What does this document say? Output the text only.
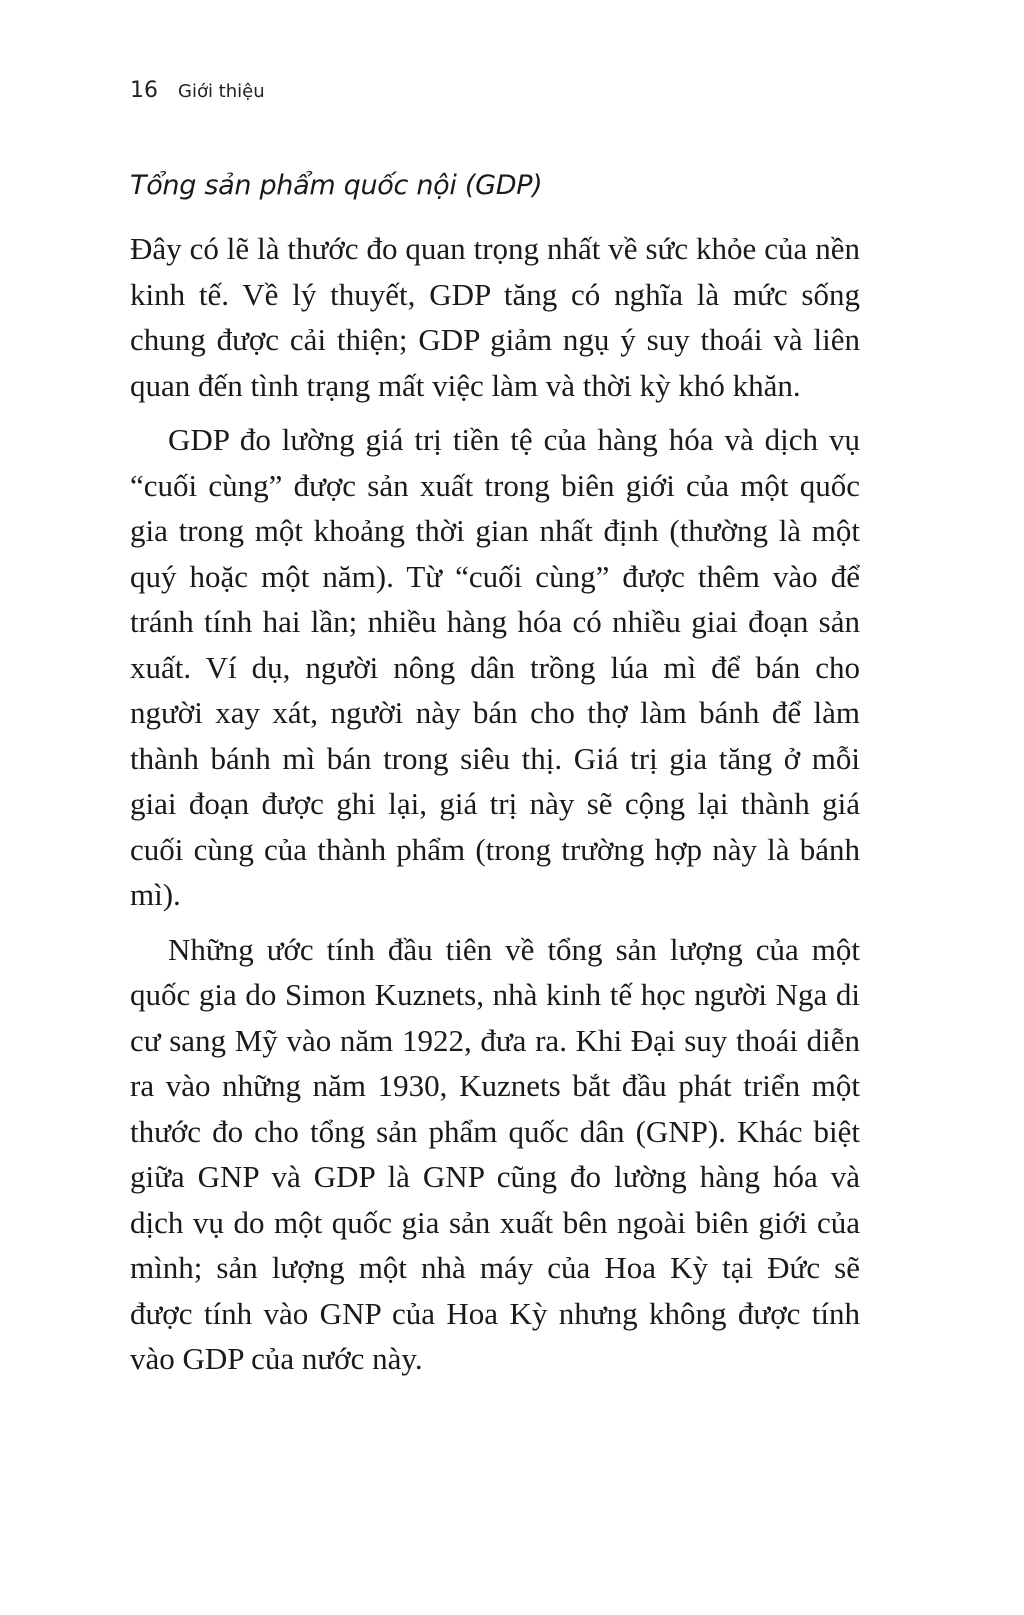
16 Giới thiệu
Tổng sản phẩm quốc nội (GDP)

Đây có lẽ là thước đo quan trọng nhất về sức khỏe của nền kinh tế. Về lý thuyết, GDP tăng có nghĩa là mức sống chung được cải thiện; GDP giảm ngụ ý suy thoái và liên quan đến tình trạng mất việc làm và thời kỳ khó khăn.

GDP đo lường giá trị tiền tệ của hàng hóa và dịch vụ “cuối cùng” được sản xuất trong biên giới của một quốc gia trong một khoảng thời gian nhất định (thường là một quý hoặc một năm). Từ “cuối cùng” được thêm vào để tránh tính hai lần; nhiều hàng hóa có nhiều giai đoạn sản xuất. Ví dụ, người nông dân trồng lúa mì để bán cho người xay xát, người này bán cho thợ làm bánh để làm thành bánh mì bán trong siêu thị. Giá trị gia tăng ở mỗi giai đoạn được ghi lại, giá trị này sẽ cộng lại thành giá cuối cùng của thành phẩm (trong trường hợp này là bánh mì).

Những ước tính đầu tiên về tổng sản lượng của một quốc gia do Simon Kuznets, nhà kinh tế học người Nga di cư sang Mỹ vào năm 1922, đưa ra. Khi Đại suy thoái diễn ra vào những năm 1930, Kuznets bắt đầu phát triển một thước đo cho tổng sản phẩm quốc dân (GNP). Khác biệt giữa GNP và GDP là GNP cũng đo lường hàng hóa và dịch vụ do một quốc gia sản xuất bên ngoài biên giới của mình; sản lượng một nhà máy của Hoa Kỳ tại Đức sẽ được tính vào GNP của Hoa Kỳ nhưng không được tính vào GDP của nước này.
